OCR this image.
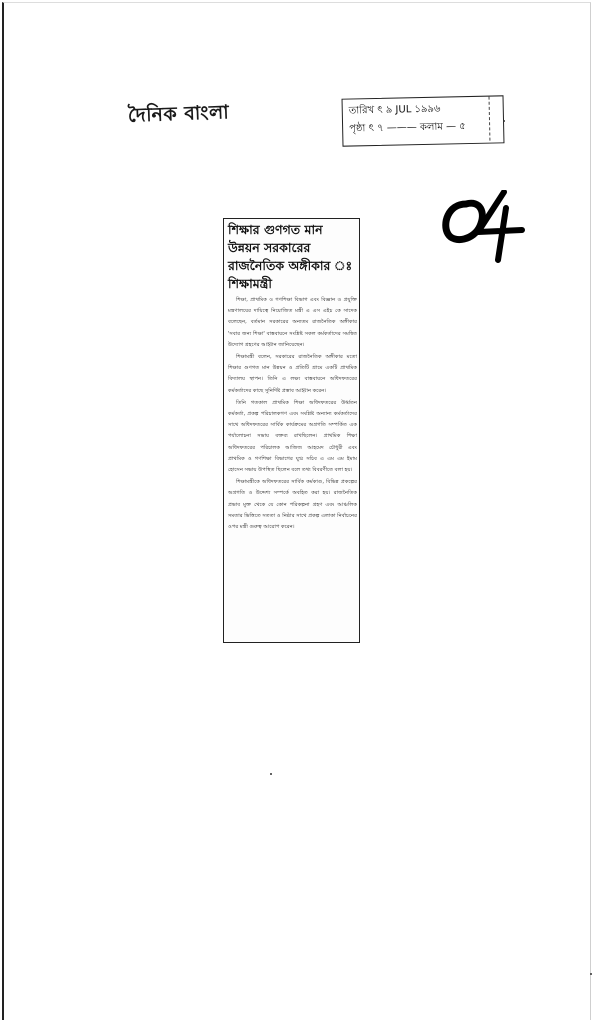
দৈনিক বাংলা	তারিখ ৎ ৯ JUL ১৯৯৬
পৃষ্ঠা ৎ ৭ ——— কলাম — ৫
04
শিক্ষার গুণগত মান
উন্নয়ন সরকারের
রাজনৈতিক অঙ্গীকার ঃ
শিক্ষামন্ত্রী

শিক্ষা, প্রাথমিক ও গণশিক্ষা বিভাগ এবং বিজ্ঞান ও প্রযুক্তি মন্ত্রণালয়ের দায়িত্বে নিয়োজিত মন্ত্রী এ এস এইচ কে সাদেক বলেছেন, বর্তমান সরকারের অন্যতম রাজনৈতিক অঙ্গীকার 'সবার জন্য শিক্ষা' বাস্তবায়নে সংশ্লিষ্ট সকল কর্মকর্তাদের সমন্বিত উদ্যোগ গ্রহণের আহ্বান জানিয়েছেন।

শিক্ষামন্ত্রী বলেন, সরকারের রাজনৈতিক অঙ্গীকার মতো শিক্ষার গুণগত মান উন্নয়ন ও প্রতিটি গ্রামে একটি প্রাথমিক বিদ্যালয় স্থাপন। তিনি এ লক্ষ্য বাস্তবায়নে অধিদফতরের কর্মকর্তাদের কাছে সুনির্দিষ্ট প্রস্তাব আহ্বান করেন।

তিনি গতকাল প্রাথমিক শিক্ষা অধিদফতরের উর্ধ্বতন কর্মকর্তা, প্রকল্প পরিচালকগণ এবং সংশ্লিষ্ট অন্যান্য কর্মকর্তাদের সাথে অধিদফতরের সার্বিক কার্যক্রমের অগ্রগতি সম্পর্কিত এক পর্যালোচনা সভায় বক্তব্য রাখছিলেন। প্রাথমিক শিক্ষা অধিদফতরের পরিচালক আজিজ আহমেদ চৌধুরী এবং প্রাথমিক ও গণশিক্ষা বিভাগের যুগ্ম সচিব এ এম এম ইমাম হোসেন সভায় উপস্থিত ছিলেন বলে তথ্য বিবরণীতে বলা হয়।

শিক্ষামন্ত্রীকে অধিদফতরের সার্বিক কর্মকাণ্ড, বিভিন্ন প্রকল্পের অগ্রগতি ও উদ্দেশ্য সম্পর্কে অবহিত করা হয়। রাজনৈতিক প্রভাব মুক্ত থেকে যে কোন পরিকল্পনা গ্রহণ এবং আঞ্চলিক সমতার ভিত্তিতে সততা ও নিষ্ঠার সাথে প্রকল্প এলাকা নির্বাচনের ওপর মন্ত্রী গুরুত্ব আরোপ করেন।
